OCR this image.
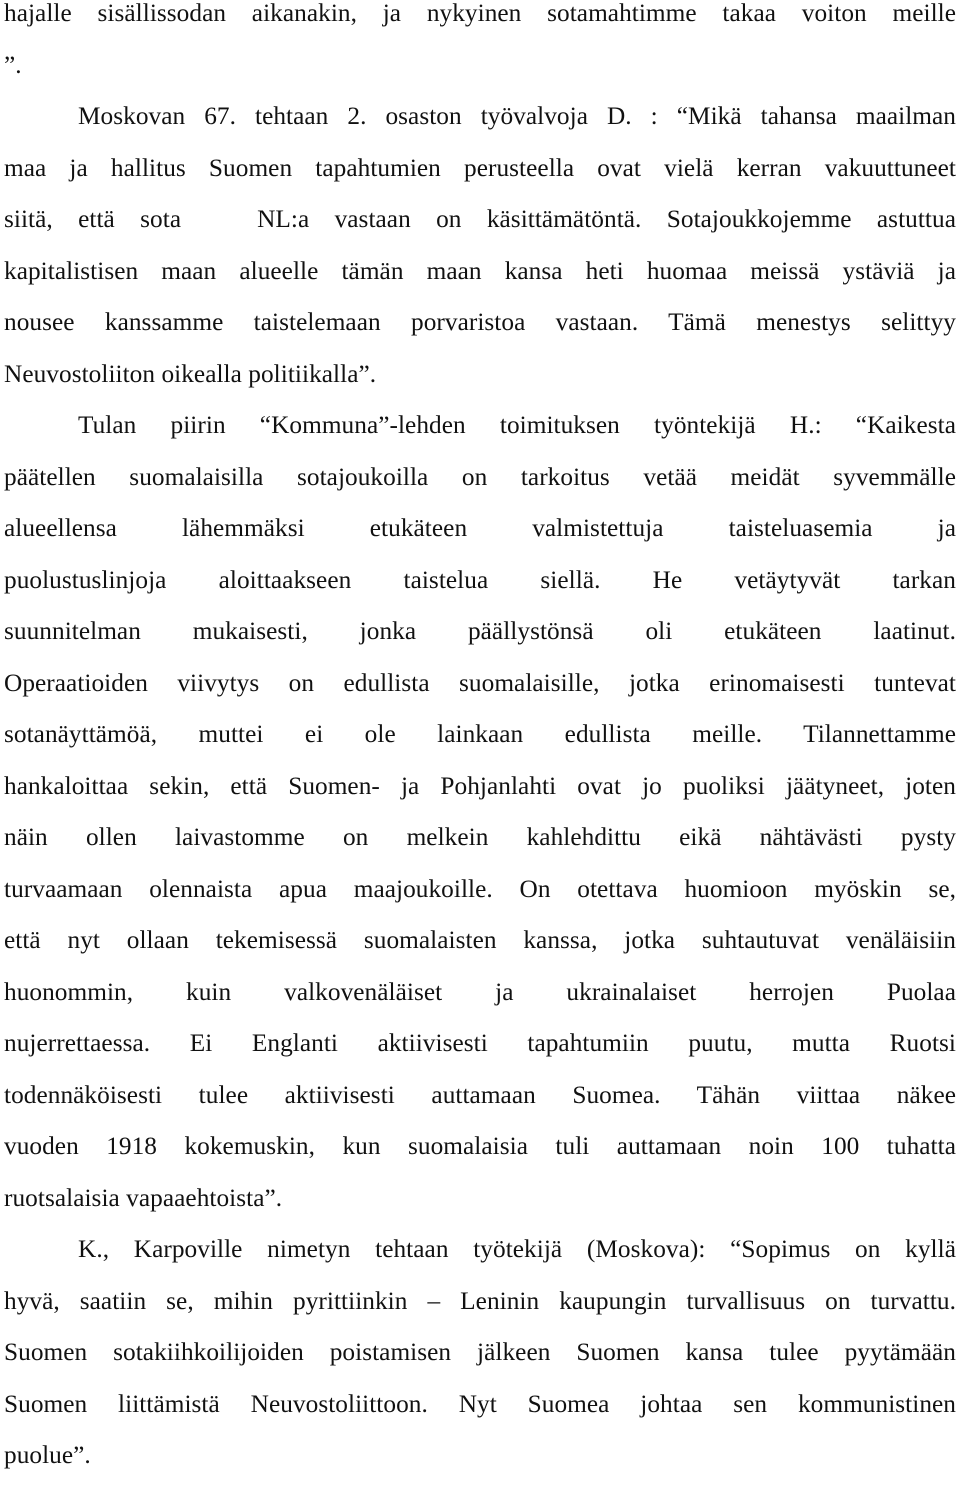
hajalle sisällissodan aikanakin, ja nykyinen sotamahtimme takaa voiton meille
”.
Moskovan 67. tehtaan 2. osaston työvalvoja D. : “Mikä tahansa maailman
maa ja hallitus Suomen tapahtumien perusteella ovat vielä kerran vakuuttuneet
siitä, että sota   NL:a vastaan on käsittämätöntä. Sotajoukkojemme astuttua
kapitalistisen maan alueelle tämän maan kansa heti huomaa meissä ystäviä ja
nousee kanssamme taistelemaan porvaristoa vastaan. Tämä menestys selittyy
Neuvostoliiton oikealla politiikalla”.
Tulan piirin “Kommuna”-lehden toimituksen työntekijä H.: “Kaikesta
päätellen suomalaisilla sotajoukoilla on tarkoitus vetää meidät syvemmälle
alueellensa lähemmäksi etukäteen valmistettuja taisteluasemia ja
puolustuslinjoja aloittaakseen taistelua siellä. He vetäytyvät tarkan
suunnitelman mukaisesti, jonka päällystönsä oli etukäteen laatinut.
Operaatioiden viivytys on edullista suomalaisille, jotka erinomaisesti tuntevat
sotanäyttämöä, muttei ei ole lainkaan edullista meille. Tilannettamme
hankaloittaa sekin, että Suomen- ja Pohjanlahti ovat jo puoliksi jäätyneet, joten
näin ollen laivastomme on melkein kahlehdittu eikä nähtävästi pysty
turvaamaan olennaista apua maajoukoille. On otettava huomioon myöskin se,
että nyt ollaan tekemisessä suomalaisten kanssa, jotka suhtautuvat venäläisiin
huonommin, kuin valkovenäläiset ja ukrainalaiset herrojen Puolaa
nujerrettaessa. Ei Englanti aktiivisesti tapahtumiin puutu, mutta Ruotsi
todennäköisesti tulee aktiivisesti auttamaan Suomea. Tähän viittaa näkee
vuoden 1918 kokemuskin, kun suomalaisia tuli auttamaan noin 100 tuhatta
ruotsalaisia vapaaehtoista”.
K., Karpoville nimetyn tehtaan työtekijä (Moskova): “Sopimus on kyllä
hyvä, saatiin se, mihin pyrittiinkin – Leninin kaupungin turvallisuus on turvattu.
Suomen sotakiihkoilijoiden poistamisen jälkeen Suomen kansa tulee pyytämään
Suomen liittämistä Neuvostoliittoon. Nyt Suomea johtaa sen kommunistinen
puolue”.
